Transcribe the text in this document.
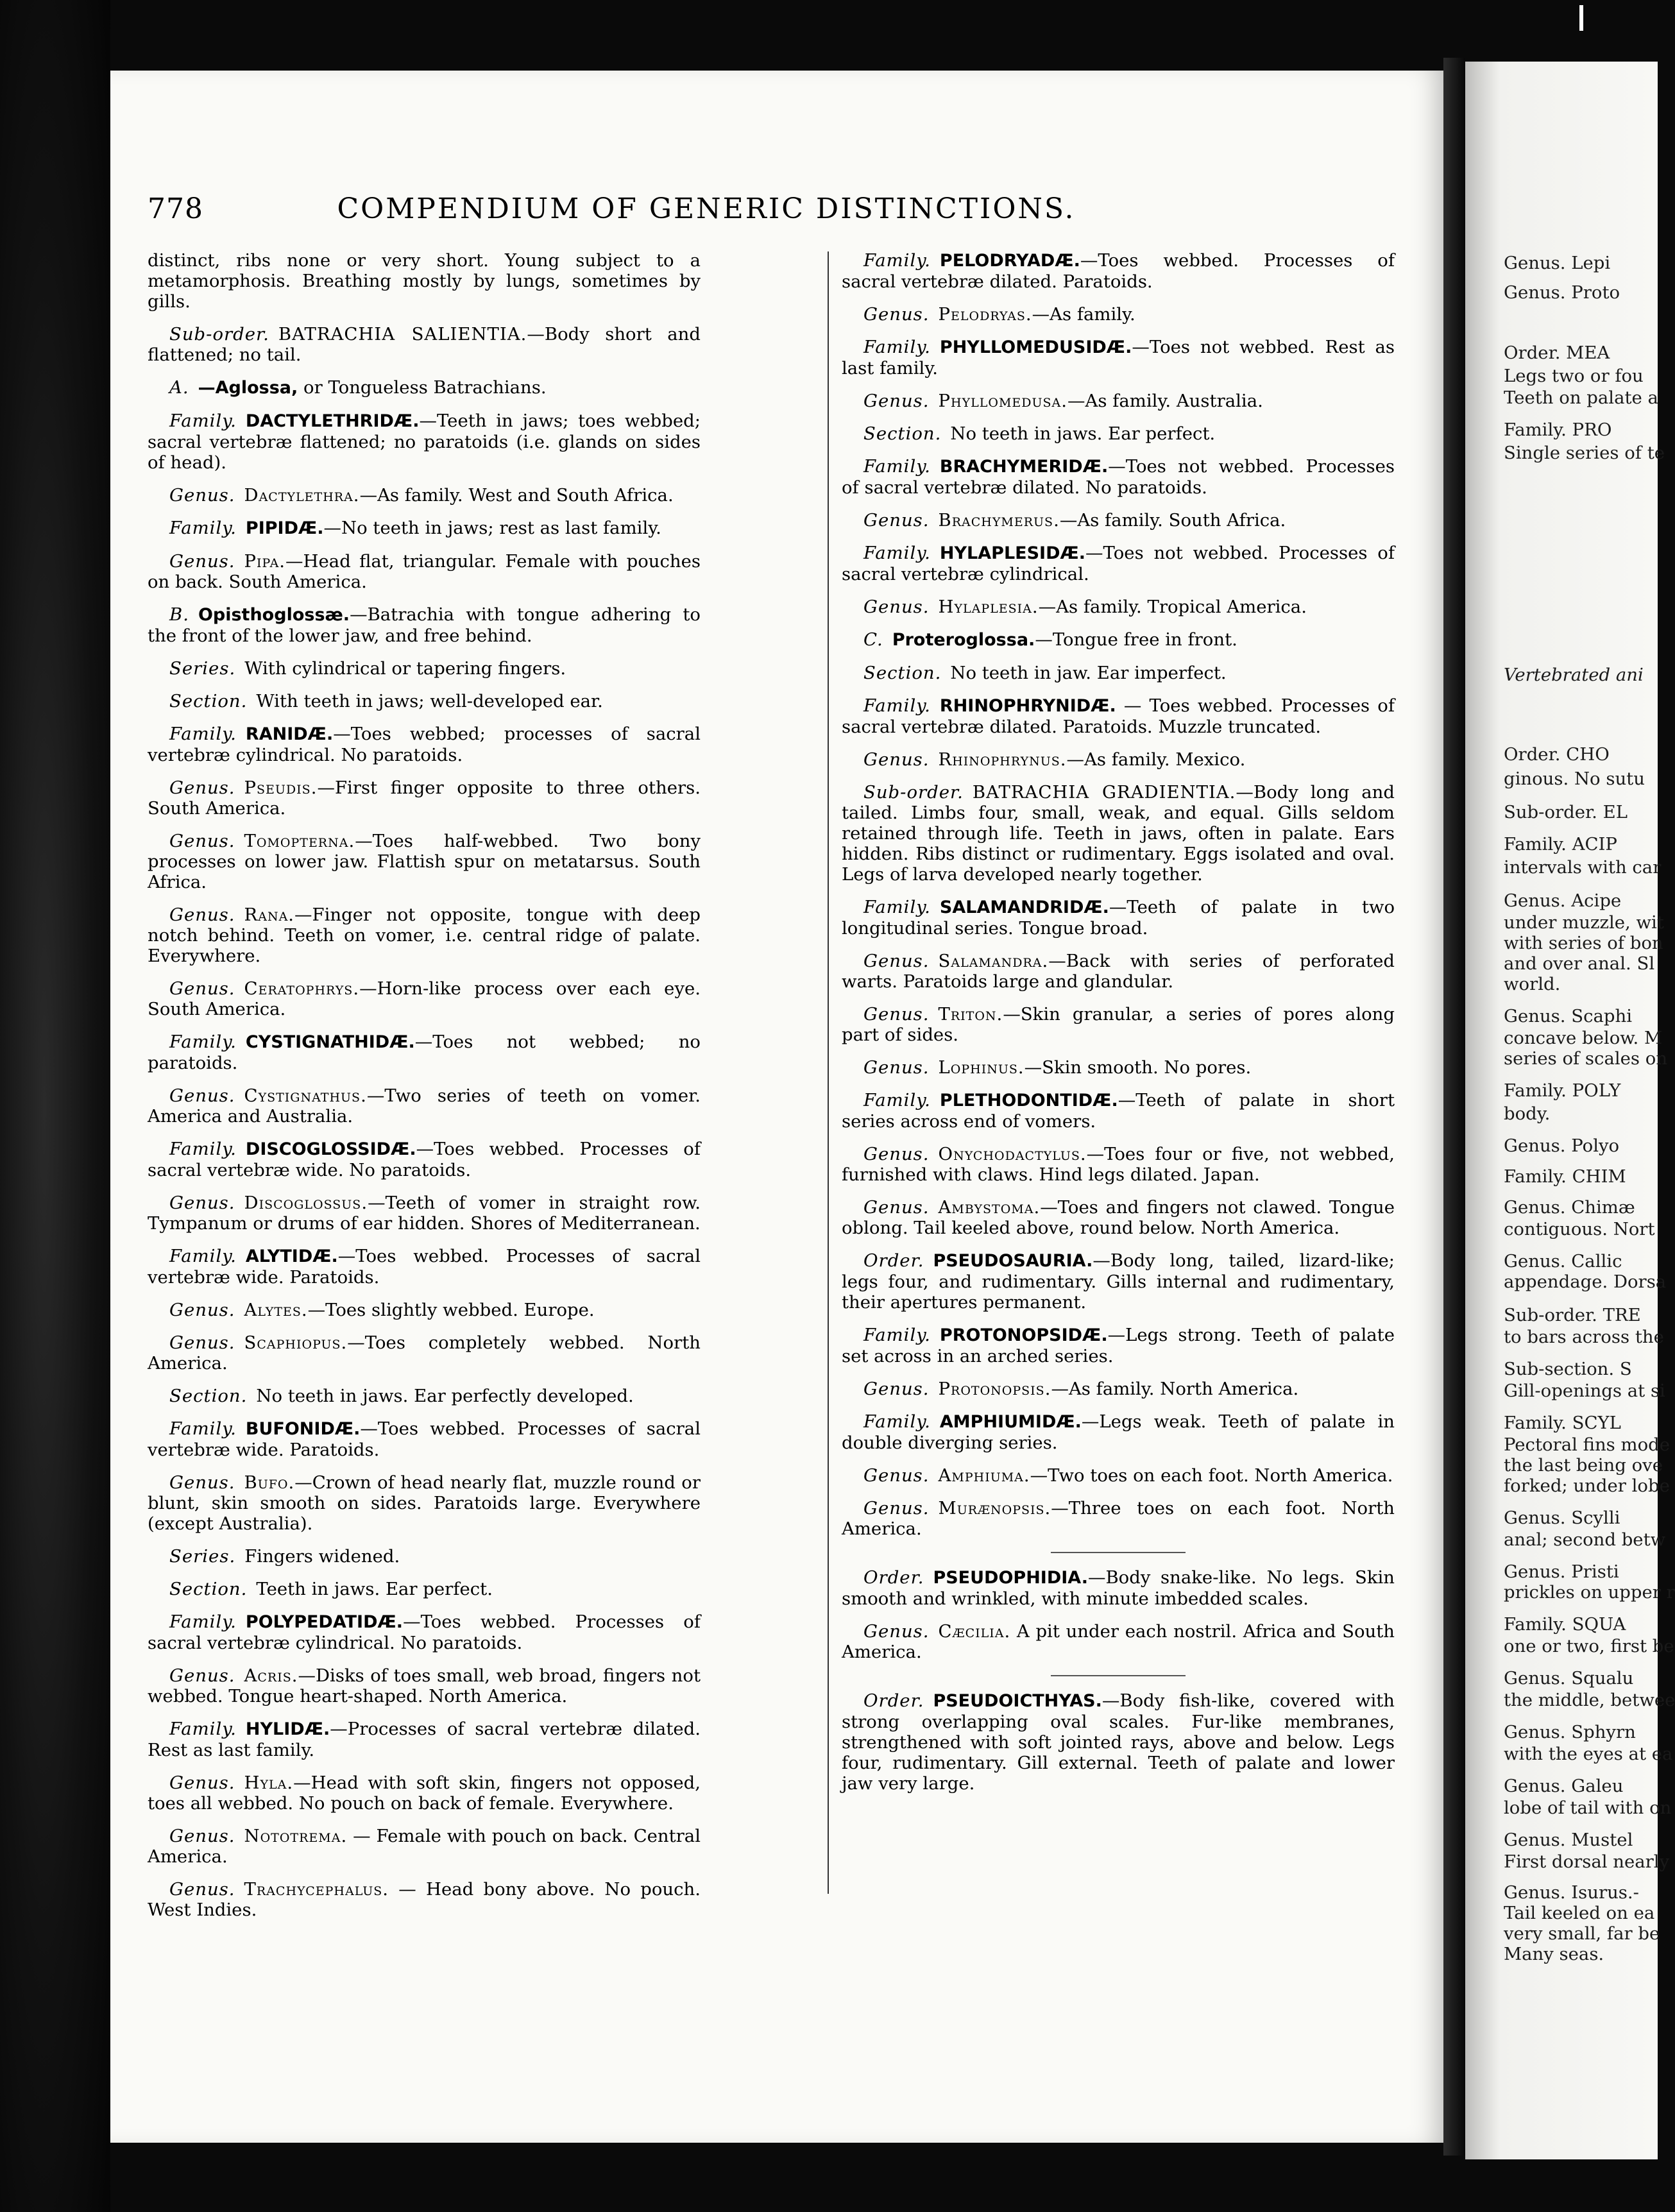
778	COMPENDIUM OF GENERIC DISTINCTIONS.
distinct, ribs none or very short. Young subject to a metamorphosis. Breathing mostly by lungs, sometimes by gills.
Sub-order. BATRACHIA SALIENTIA.—Body short and flattened; no tail.
A. —Aglossa, or Tongueless Batrachians.
Family. DACTYLETHRIDÆ.—Teeth in jaws; toes webbed; sacral vertebræ flattened; no paratoids (i.e. glands on sides of head).
Genus. Dactylethra.—As family. West and South Africa.
Family. PIPIDÆ.—No teeth in jaws; rest as last family.
Genus. Pipa.—Head flat, triangular. Female with pouches on back. South America.
B. Opisthoglossæ.—Batrachia with tongue adhering to the front of the lower jaw, and free behind.
Series. With cylindrical or tapering fingers.
Section. With teeth in jaws; well-developed ear.
Family. RANIDÆ.—Toes webbed; processes of sacral vertebræ cylindrical. No paratoids.
Genus. Pseudis.—First finger opposite to three others. South America.
Genus. Tomopterna.—Toes half-webbed. Two bony processes on lower jaw. Flattish spur on metatarsus. South Africa.
Genus. Rana.—Finger not opposite, tongue with deep notch behind. Teeth on vomer, i.e. central ridge of palate. Everywhere.
Genus. Ceratophrys.—Horn-like process over each eye. South America.
Family. CYSTIGNATHIDÆ.—Toes not webbed; no paratoids.
Genus. Cystignathus.—Two series of teeth on vomer. America and Australia.
Family. DISCOGLOSSIDÆ.—Toes webbed. Processes of sacral vertebræ wide. No paratoids.
Genus. Discoglossus.—Teeth of vomer in straight row. Tympanum or drums of ear hidden. Shores of Mediterranean.
Family. ALYTIDÆ.—Toes webbed. Processes of sacral vertebræ wide. Paratoids.
Genus. Alytes.—Toes slightly webbed. Europe.
Genus. Scaphiopus.—Toes completely webbed. North America.
Section. No teeth in jaws. Ear perfectly developed.
Family. BUFONIDÆ.—Toes webbed. Processes of sacral vertebræ wide. Paratoids.
Genus. Bufo.—Crown of head nearly flat, muzzle round or blunt, skin smooth on sides. Paratoids large. Everywhere (except Australia).
Series. Fingers widened.
Section. Teeth in jaws. Ear perfect.
Family. POLYPEDATIDÆ.—Toes webbed. Processes of sacral vertebræ cylindrical. No paratoids.
Genus. Acris.—Disks of toes small, web broad, fingers not webbed. Tongue heart-shaped. North America.
Family. HYLIDÆ.—Processes of sacral vertebræ dilated. Rest as last family.
Genus. Hyla.—Head with soft skin, fingers not opposed, toes all webbed. No pouch on back of female. Everywhere.
Genus. Nototrema. — Female with pouch on back. Central America.
Genus. Trachycephalus. — Head bony above. No pouch. West Indies.
Family. PELODRYADÆ.—Toes webbed. Processes of sacral vertebræ dilated. Paratoids.
Genus. Pelodryas.—As family.
Family. PHYLLOMEDUSIDÆ.—Toes not webbed. Rest as last family.
Genus. Phyllomedusa.—As family. Australia.
Section. No teeth in jaws. Ear perfect.
Family. BRACHYMERIDÆ.—Toes not webbed. Processes of sacral vertebræ dilated. No paratoids.
Genus. Brachymerus.—As family. South Africa.
Family. HYLAPLESIDÆ.—Toes not webbed. Processes of sacral vertebræ cylindrical.
Genus. Hylaplesia.—As family. Tropical America.
C. Proteroglossa.—Tongue free in front.
Section. No teeth in jaw. Ear imperfect.
Family. RHINOPHRYNIDÆ. — Toes webbed. Processes of sacral vertebræ dilated. Paratoids. Muzzle truncated.
Genus. Rhinophrynus.—As family. Mexico.
Sub-order. BATRACHIA GRADIENTIA.—Body long and tailed. Limbs four, small, weak, and equal. Gills seldom retained through life. Teeth in jaws, often in palate. Ears hidden. Ribs distinct or rudimentary. Eggs isolated and oval. Legs of larva developed nearly together.
Family. SALAMANDRIDÆ.—Teeth of palate in two longitudinal series. Tongue broad.
Genus. Salamandra.—Back with series of perforated warts. Paratoids large and glandular.
Genus. Triton.—Skin granular, a series of pores along part of sides.
Genus. Lophinus.—Skin smooth. No pores.
Family. PLETHODONTIDÆ.—Teeth of palate in short series across end of vomers.
Genus. Onychodactylus.—Toes four or five, not webbed, furnished with claws. Hind legs dilated. Japan.
Genus. Ambystoma.—Toes and fingers not clawed. Tongue oblong. Tail keeled above, round below. North America.
Order. PSEUDOSAURIA.—Body long, tailed, lizard-like; legs four, and rudimentary. Gills internal and rudimentary, their apertures permanent.
Family. PROTONOPSIDÆ.—Legs strong. Teeth of palate set across in an arched series.
Genus. Protonopsis.—As family. North America.
Family. AMPHIUMIDÆ.—Legs weak. Teeth of palate in double diverging series.
Genus. Amphiuma.—Two toes on each foot. North America.
Genus. Murænopsis.—Three toes on each foot. North America.
Order. PSEUDOPHIDIA.—Body snake-like. No legs. Skin smooth and wrinkled, with minute imbedded scales.
Genus. Cæcilia. A pit under each nostril. Africa and South America.
Order. PSEUDOICTHYAS.—Body fish-like, covered with strong overlapping oval scales. Fur-like membranes, strengthened with soft jointed rays, above and below. Legs four, rudimentary. Gill external. Teeth of palate and lower jaw very large.
Genus. Lepi
Genus. Proto
Order. MEA
Legs two or fou
Teeth on palate a
Family. PRO
Single series of te
Vertebrated ani
Order. CHO
ginous. No sutu
Sub-order. EL
Family. ACIP
intervals with car
Genus. Acipe
under muzzle, wit
with series of bon
and over anal. Sl
world.
Genus. Scaphi
concave below. M
series of scales on
Family. POLY
body.
Genus. Polyo
Family. CHIM
Genus. Chimæ
contiguous. Nort
Genus. Callic
appendage. Dorsa
Sub-order. TRE
to bars across the
Sub-section. S
Gill-openings at si
Family. SCYL
Pectoral fins mode
the last being ove
forked; under lobe
Genus. Scylli
anal; second betw
Genus. Pristi
prickles on upper r
Family. SQUA
one or two, first be
Genus. Squalu
the middle, betwee
Genus. Sphyrn
with the eyes at ea
Genus. Galeu
lobe of tail with on
Genus. Mustel
First dorsal nearly
Genus. Isurus.-
Tail keeled on ea
very small, far be
Many seas.
